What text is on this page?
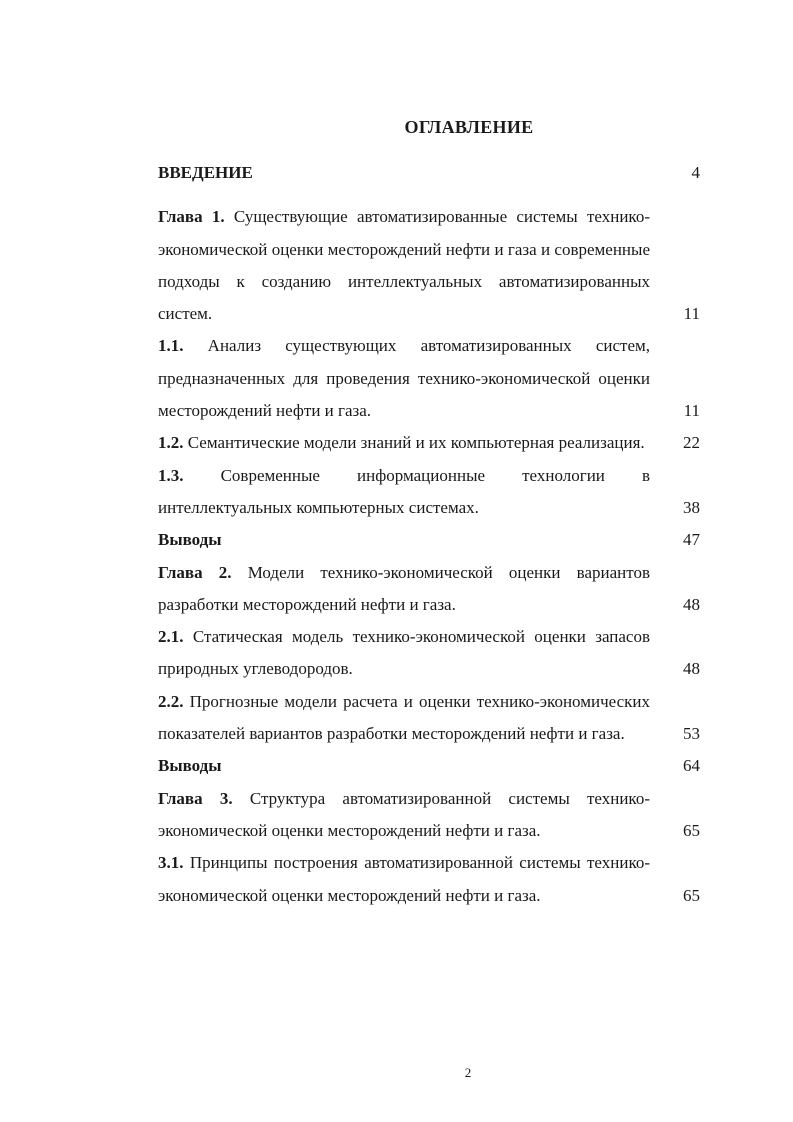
ОГЛАВЛЕНИЕ
ВВЕДЕНИЕ	4
Глава 1. Существующие автоматизированные системы технико-экономической оценки месторождений нефти и газа и современные подходы к созданию интеллектуальных автоматизированных систем.	11
1.1. Анализ существующих автоматизированных систем, предназначенных для проведения технико-экономической оценки месторождений нефти и газа.	11
1.2. Семантические модели знаний и их компьютерная реализация.	22
1.3. Современные информационные технологии в интеллектуальных компьютерных системах.	38
Выводы	47
Глава 2. Модели технико-экономической оценки вариантов разработки месторождений нефти и газа.	48
2.1. Статическая модель технико-экономической оценки запасов природных углеводородов.	48
2.2. Прогнозные модели расчета и оценки технико-экономических показателей вариантов разработки месторождений нефти и газа.	53
Выводы	64
Глава 3. Структура автоматизированной системы технико-экономической оценки месторождений нефти и газа.	65
3.1. Принципы построения автоматизированной системы технико-экономической оценки месторождений нефти и газа.	65
2
